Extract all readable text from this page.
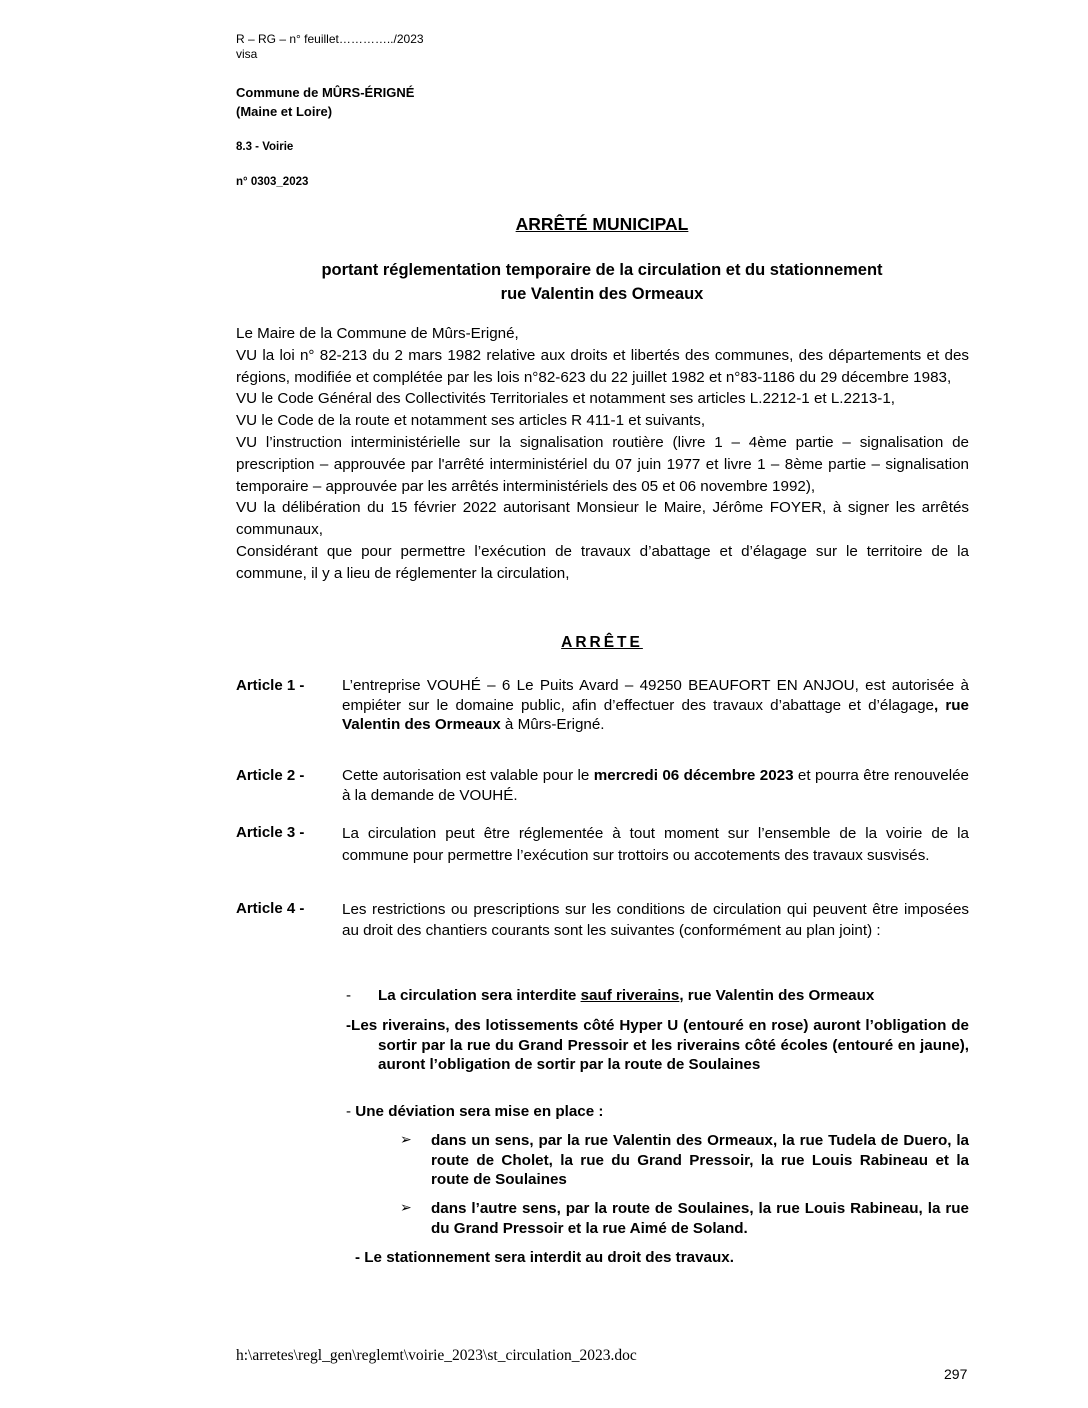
R – RG – n° feuillet…………../2023
visa
Commune de MÛRS-ÉRIGNÉ
(Maine et Loire)
8.3 - Voirie
n° 0303_2023
ARRÊTÉ MUNICIPAL
portant réglementation temporaire de la circulation et du stationnement
rue Valentin des Ormeaux

Le Maire de la Commune de Mûrs-Erigné,

VU la loi n° 82-213 du 2 mars 1982 relative aux droits et libertés des communes, des départements et des régions, modifiée et complétée par les lois n°82-623 du 22 juillet 1982 et n°83-1186 du 29 décembre 1983,

VU le Code Général des Collectivités Territoriales et notamment ses articles L.2212-1 et L.2213-1,

VU le Code de la route et notamment ses articles R 411-1 et suivants,

VU l’instruction interministérielle sur la signalisation routière (livre 1 – 4ème partie – signalisation de prescription – approuvée par l'arrêté interministériel du 07 juin 1977 et livre 1 – 8ème partie – signalisation temporaire – approuvée par les arrêtés interministériels des 05 et 06 novembre 1992),

VU la délibération du 15 février 2022 autorisant Monsieur le Maire, Jérôme FOYER, à signer les arrêtés communaux,

Considérant que pour permettre l’exécution de travaux d’abattage et d’élagage sur le territoire de la commune, il y a lieu de réglementer la circulation,

ARRÊTE
Article 1 - L’entreprise VOUHÉ – 6 Le Puits Avard – 49250 BEAUFORT EN ANJOU, est autorisée à empiéter sur le domaine public, afin d’effectuer des travaux d’abattage et d’élagage, rue Valentin des Ormeaux à Mûrs-Erigné.
Article 2 - Cette autorisation est valable pour le mercredi 06 décembre 2023 et pourra être renouvelée à la demande de VOUHÉ.
Article 3 - La circulation peut être réglementée à tout moment sur l’ensemble de la voirie de la commune pour permettre l’exécution sur trottoirs ou accotements des travaux susvisés.
Article 4 - Les restrictions ou prescriptions sur les conditions de circulation qui peuvent être imposées au droit des chantiers courants sont les suivantes (conformément au plan joint) :
- La circulation sera interdite sauf riverains, rue Valentin des Ormeaux
-Les riverains, des lotissements côté Hyper U (entouré en rose) auront l’obligation de sortir par la rue du Grand Pressoir et les riverains côté écoles (entouré en jaune), auront l’obligation de sortir par la route de Soulaines
- Une déviation sera mise en place :
➢ dans un sens, par la rue Valentin des Ormeaux, la rue Tudela de Duero, la route de Cholet, la rue du Grand Pressoir, la rue Louis Rabineau et la route de Soulaines
➢ dans l’autre sens, par la route de Soulaines, la rue Louis Rabineau, la rue du Grand Pressoir et la rue Aimé de Soland.
- Le stationnement sera interdit au droit des travaux.
h:\arretes\regl_gen\reglemt\voirie_2023\st_circulation_2023.doc
297
